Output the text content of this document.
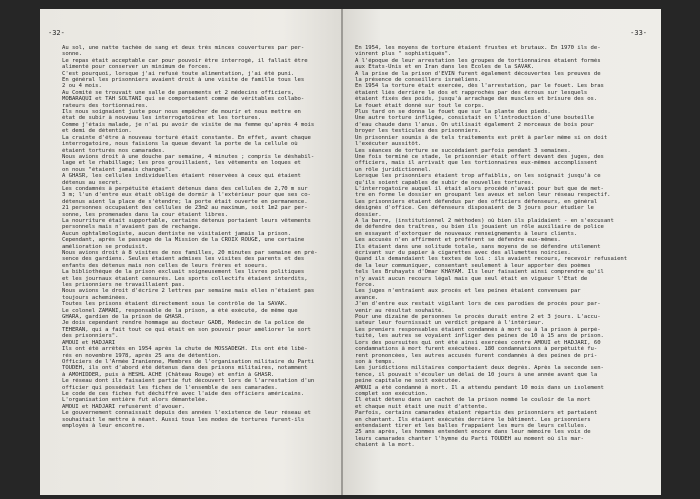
-32-
Au sol, une natte tachée de sang et deux très minces couvertures par per-
sonne.
Le repas était acceptable car pour pouvoir être interrogé, il fallait être
alimenté pour conserver un minimum de forces.
C'est pourquoi, lorsque j'ai refusé toute alimentation, j'ai été puni.
En général les prisonniers avaient droit à une visite de famille tous les
2 ou 4 mois.
Au Comité se trouvait une salle de pansements et 2 médecins officiers,
MOBARAQUI et TAH SOLTANI qui se comportaient comme de véritables collabo-
rateurs des tortionnaires.
Ils nous soignaient juste pour nous empêcher de mourir et nous mettre en
état de subir à nouveau les interrogatoires et les tortures.
Comme j'étais malade, je n'ai pu avoir de visite de ma femme qu'après 4 mois
et demi de détention.
La crainte d'être à nouveau torturé était constante. En effet, avant chaque
interrogatoire, nous faisions la queue devant la porte de la cellule où
étaient torturés nos camarades.
Nous avions droit à une douche par semaine, 4 minutes ; compris le déshabil-
lage et le rhabillage; les pros grouillaient, les vêtements en loques et
on nous "étaient jamais changés".
A GHASR, les cellules individuelles étaient réservées à ceux qui étaient
détenus au secret.
Les condamnés à perpétuité étaient détenus dans des cellules de 2,70 m sur
3 m; l'un d'entre eux était obligé de dormir à l'extérieur pour que ses co-
détenus aient la place de s'étendre; la porte était ouverte en permanence.
21 personnes occupaient des cellules de 23m2 au maximum, soit 1m2 par per-
sonne, les promenades dans la cour étaient libres.
La nourriture était supportable, certains détenus portaient leurs vêtements
personnels mais n'avaient pas de rechange.
Aucun ophtalmologiste, aucun dentiste ne visitaient jamais la prison.
Cependant, après le passage de la Mission de la CROIX ROUGE, une certaine
amélioration se produisit.
Nous avions droit à 8 visites de nos familles, 20 minutes par semaine en pré-
sence des gardiens. Seules étaient admises les visites des parents et des
enfants des détenus mais non celles de leurs frères et soeurs.
La bibliothèque de la prison excluait soigneusement les livres politiques
et les journaux étaient censurés. Les sports collectifs étaient interdits,
les prisonniers ne travaillaient pas.
Nous avions le droit d'écrire 2 lettres par semaine mais elles n'étaient pas
toujours acheminées.
Toutes les prisons étaient directement sous le contrôle de la SAVAK.
Le colonel ZAMANI, responsable de la prison, a été exécuté, de même que
GHARA, gardien de la prison de GHASR.
Je dois cependant rendre hommage au docteur GADB, Médecin de la police de
TEHERAN, qui a fait tout ce qui était en son pouvoir pour améliorer le sort
des prisonniers".
AMOUI et HADJARI
Ils ont été arrêtés en 1954 après la chute de MOSSADEGH. Ils ont été libé-
rés en novembre 1978, après 25 ans de détention.
Officiers de l'Armée Iranienne, Membres de l'organisation militaire du Parti
TOUDEH, ils ont d'abord été détenus dans des prisons militaires, notamment
à AMOHIDDER, puis à HESHL ACHE (Château Rouge) et enfin à GHASR.
Le réseau dont ils faisaient partie fut découvert lors de l'arrestation d'un
officier qui possédait les fiches de l'ensemble de ses camarades.
Le code de ces fiches fut déchiffré avec l'aide des officiers américains.
L'organisation entière fut alors démantelée.
AMOUI et HADJARI refusèrent d'avouer.
Le gouvernement connaissait depuis des années l'existence de leur réseau et
souhaitait le mettre à néant. Aussi tous les modes de tortures furent-ils
employés à leur encontre.
-33-
En 1954, les moyens de torture étaient frustes et brutaux. En 1970 ils de-
vinrent plus " sophistiqués".
A l'époque de leur arrestation les groupes de tortionnaires étaient formés
aux Etats-Unis et en Iran dans les Ecoles de la SAVAK.
A la prise de la prison d'EVIN furent également découvertes les preuves de
la présence de conseillers israéliens.
En 1954 la torture était exercée, dès l'arrestation, par le fouet. Les bras
étaient liés derrière le dos et rapprochés par des écrous sur lesquels
étaient fixés des poids, jusqu'à arrachage des muscles et brisure des os.
Le fouet était donné sur tout le corps.
Plus tard on se donna le fouet que sur la plante des pieds.
Une autre torture infligée, consistait en l'introduction d'une bouteille
d'eau chaude dans l'anus. On utilisait également 2 morceaux de bois pour
broyer les testicules des prisonniers.
Un prisonnier soumis à de tels traitements est prêt à parler même si on doit
l'exécuter aussitôt.
Les séances de torture se succédaient parfois pendant 3 semaines.
Une fois terminé ce stade, le prisonnier était offert devant des juges, des
officiers, mais il arrivait que les tortionnaires eux-mêmes accomplissent
un rôle juridictionnel.
Lorsque les prisonniers étaient trop affaiblis, on les soignait jusqu'à ce
qu'ils soient capables de subir de nouvelles tortures.
L'interrogatoire auquel il était alors procédé n'avait pour but que de met-
tre en forme le dossier en groupant les aveux et selon leur réseau respectif.
Les prisonniers étaient défendus par des officiers défenseurs, en général
désignés d'office. Ces défenseurs disposaient de 3 jours pour étudier le
dossier.
A la barre, (institutionnel 2 méthodes) où bien ils plaidaient - en s'excusant
de défendre des traîtres, ou bien ils jouaient un rôle auxiliaire de police
en essayant d'extorquer de nouveaux renseignements à leurs clients.
Les accusés n'en affirment et préfèrent se défendre eux-mêmes.
Ils étaient dans une solitude totale, sans moyens de se défendre utilement
écrivant sur du papier à cigarettes avec des allumettes noircies.
Quand ils demandaient les textes de loi : ils avaient recours, recevoir refusaient
de la leur communiquer, consentant seulement à leur apporter des poèmes
tels les Bruhayats d'Omar KHAYAM. Ils leur faisaient ainsi comprendre qu'il
n'y avait aucun recours légal mais que seul était en vigueur l'État de
force.
Les juges n'entraient aux procès et les peines étaient convenues par
avance.
J'en d'entre eux restait vigilant lors de ces parodies de procès pour par-
venir au résultat souhaité.
Pour une dizaine de personnes le procès durait entre 2 et 3 jours. L'accu-
sateur leur fournissait un verdict préparé à l'intérieur.
Les premiers responsables étaient condamnés à mort ou à la prison à perpé-
tuité, les autres se voyaient infliger des peines de 10 à 15 ans de prison.
Lors des poursuites qui ont été ainsi exercées contre AMOUI et HADJARI, 60
condamnations à mort furent exécutées. 180 condamnations à perpétuité fu-
rent prononcées, les autres accusés furent condamnés à des peines de pri-
son à temps.
Les juridictions militaires comportaient deux degrés. Après la seconde sen-
tence, il pouvait s'écouler un délai de 10 jours à une année avant que la
peine capitale ne soit exécutée.
AMOUI a été condamné à mort. Il a attendu pendant 10 mois dans un isolement
complet son exécution.
Il était détenu dans un cachot de la prison nommé le couloir de la mort
et chaque nuit était une nuit d'attente.
Parfois, certains camarades étaient répartis des prisonniers et partaient
en chantant. Ils étaient exécutés derrière le bâtiment. Les prisonniers
entendaient tirer et les balles frappaient les murs de leurs cellules.
25 ans après, les hommes entendent encore dans leur mémoire les voix de
leurs camarades chanter l'hymne du Parti TOUDEH au moment où ils mar-
chaient à la mort.
